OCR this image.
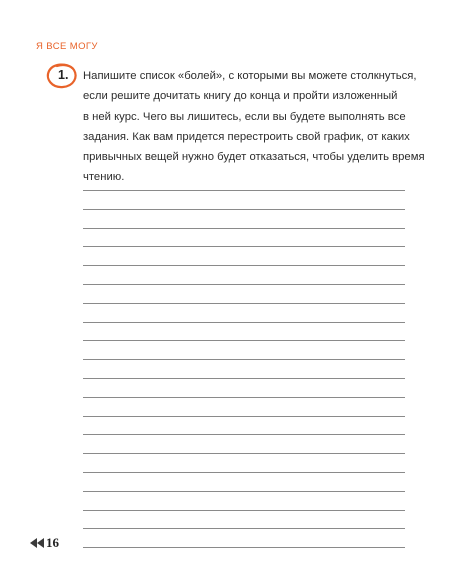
Я ВСЕ МОГУ
1. Напишите список «болей», с которыми вы можете столкнуться,
если решите дочитать книгу до конца и пройти изложенный
в ней курс. Чего вы лишитесь, если вы будете выполнять все
задания. Как вам придется перестроить свой график, от каких
привычных вещей нужно будет отказаться, чтобы уделить время
чтению.
16
